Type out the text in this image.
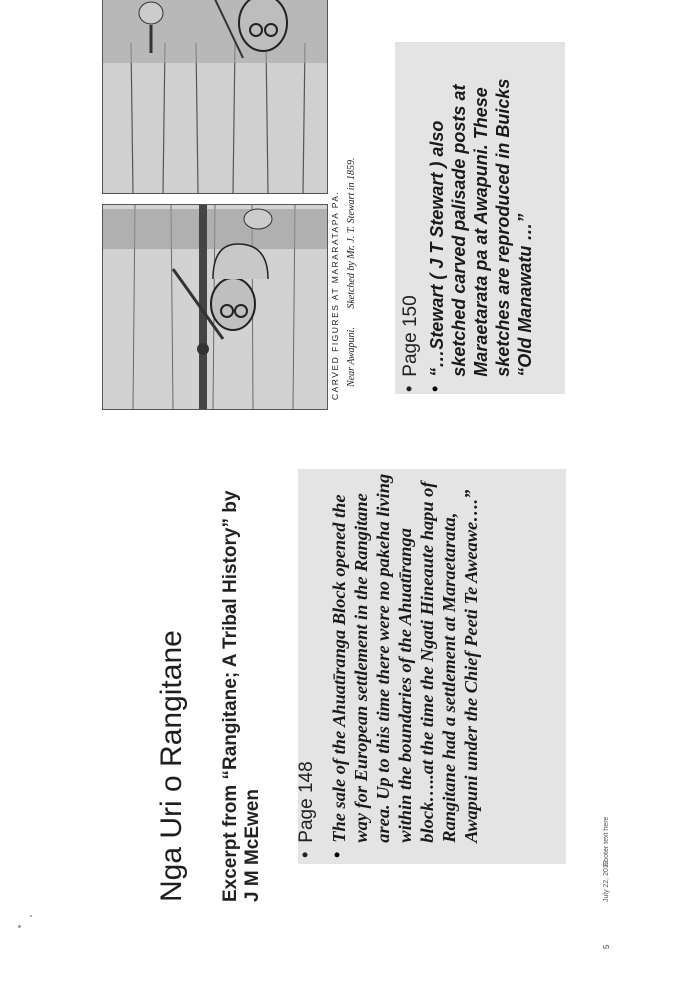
Nga Uri o Rangitane Excerpt from “Rangitane; A Tribal History” by J M McEwen •
Page 148
•
The sale of the Ahuatīranga Block opened the way for European settlement in the Rangitane area. Up to this time there were no pakeha living within the boundaries of the Ahuatīranga block…..at the time the Ngati Hineaute hapu of Rangitane had a settlement at Maraetarata, Awapuni under the Chief Peeti Te Aweawe….”
CARVED FIGURES AT MARARATAPA PA. Near Awapuni. Sketched by Mr. J. T. Stewart in 1859.
•
Page 150
•
“…Stewart ( J T Stewart ) also sketched carved palisade posts at Maraetarata pa at Awapuni. These sketches are reproduced in Buicks “Old Manawatu …”
5
July 22, 2012
Footer text here
